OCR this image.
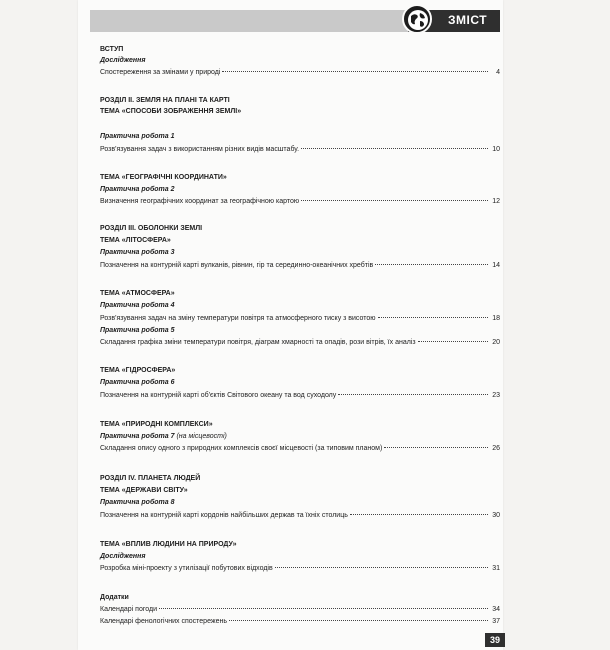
ЗМІСТ
ВСТУП
Дослідження
Спостереження за змінами у природі	4
РОЗДІЛ ІІ. ЗЕМЛЯ НА ПЛАНІ ТА КАРТІ
ТЕМА «СПОСОБИ ЗОБРАЖЕННЯ ЗЕМЛІ»
Практична робота 1
Розв'язування задач з використанням різних видів масштабу.	10
ТЕМА «ГЕОГРАФІЧНІ КООРДИНАТИ»
Практична робота 2
Визначення географічних координат за географічною картою	12
РОЗДІЛ ІІІ. ОБОЛОНКИ ЗЕМЛІ
ТЕМА «ЛІТОСФЕРА»
Практична робота 3
Позначення на контурній карті вулканів, рівнин, гір та серединно-океанічних хребтів	14
ТЕМА «АТМОСФЕРА»
Практична робота 4
Розв'язування задач на зміну температури повітря та атмосферного тиску з висотою	18
Практична робота 5
Складання графіка зміни температури повітря, діаграм хмарності та опадів, рози вітрів, їх аналіз	20
ТЕМА «ГІДРОСФЕРА»
Практична робота 6
Позначення на контурній карті об'єктів Світового океану та вод суходолу	23
ТЕМА «ПРИРОДНІ КОМПЛЕКСИ»
Практична робота 7 (на місцевості)
Складання опису одного з природних комплексів своєї місцевості (за типовим планом)	26
РОЗДІЛ IV. ПЛАНЕТА ЛЮДЕЙ
ТЕМА «ДЕРЖАВИ СВІТУ»
Практична робота 8
Позначення на контурній карті кордонів найбільших держав та їхніх столиць	30
ТЕМА «ВПЛИВ ЛЮДИНИ НА ПРИРОДУ»
Дослідження
Розробка міні-проекту з утилізації побутових відходів	31
Додатки
Календарі погоди	34
Календарі фенологічних спостережень	37
39
